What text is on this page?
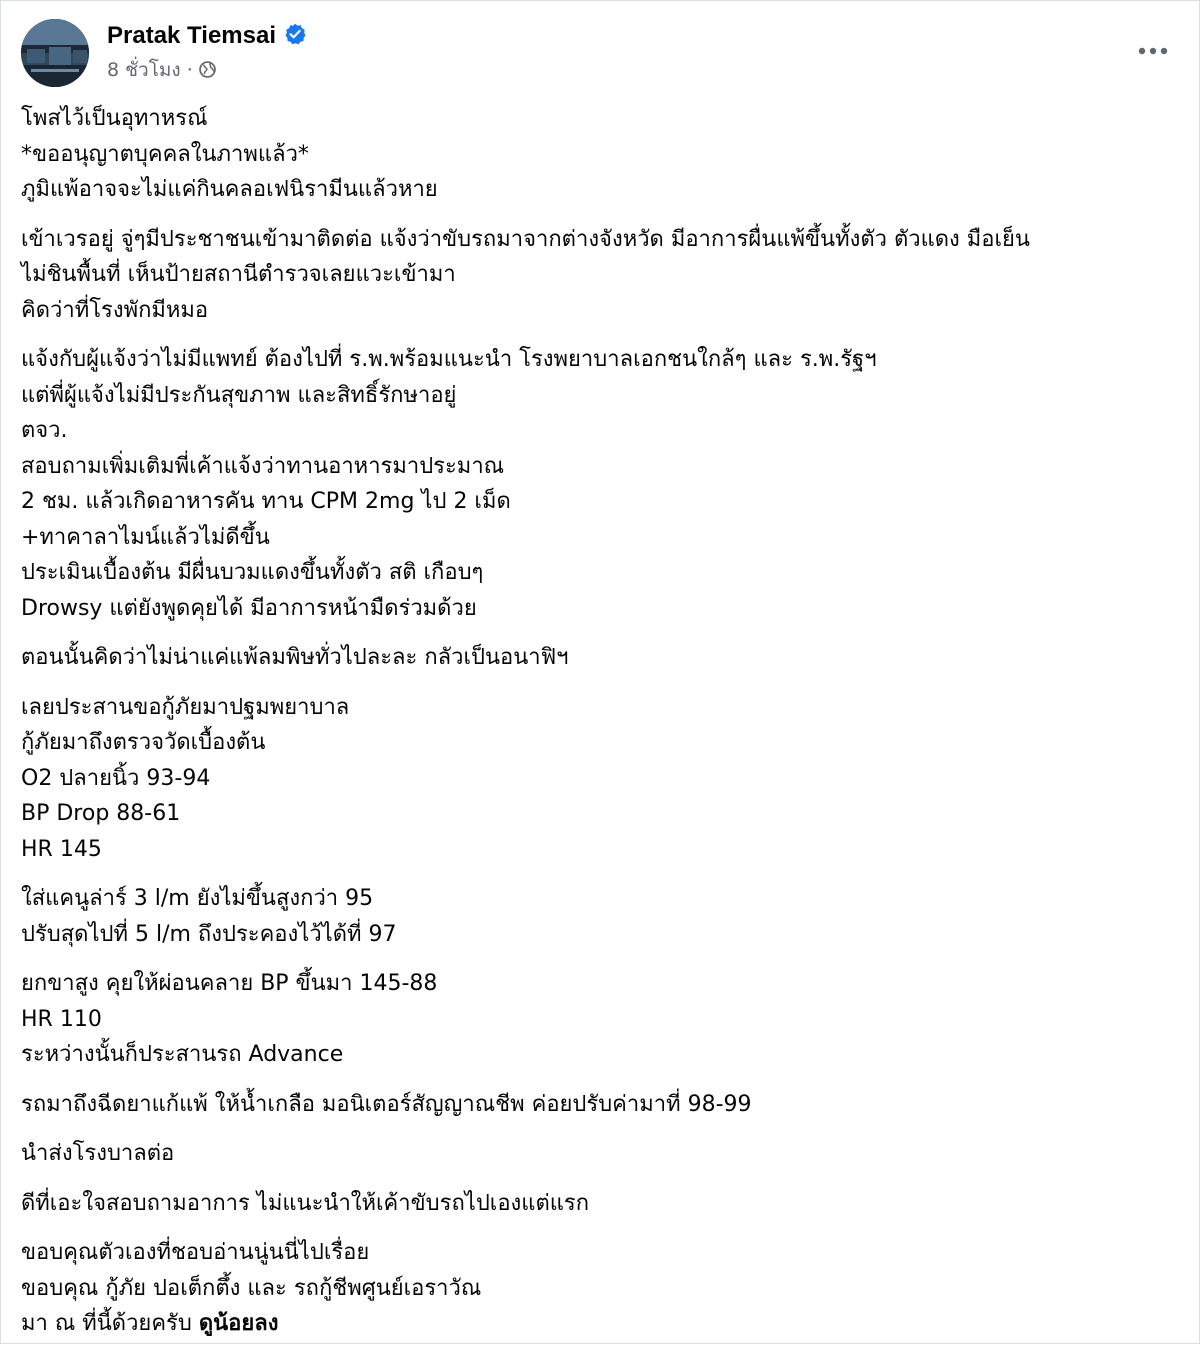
Pratak Tiemsai
8 ชั่วโมง ·
โพสไว้เป็นอุทาหรณ์
*ขออนุญาตบุคคลในภาพแล้ว*
ภูมิแพ้อาจจะไม่แค่กินคลอเฟนิรามีนแล้วหาย
เข้าเวรอยู่ จู่ๆมีประชาชนเข้ามาติดต่อ แจ้งว่าขับรถมาจากต่างจังหวัด มีอาการผื่นแพ้ขึ้นทั้งตัว ตัวแดง มือเย็น
ไม่ชินพื้นที่ เห็นป้ายสถานีตำรวจเลยแวะเข้ามา
คิดว่าที่โรงพักมีหมอ
แจ้งกับผู้แจ้งว่าไม่มีแพทย์ ต้องไปที่ ร.พ.พร้อมแนะนำ โรงพยาบาลเอกชนใกล้ๆ และ ร.พ.รัฐฯ
แต่พี่ผู้แจ้งไม่มีประกันสุขภาพ และสิทธิ์รักษาอยู่
ตจว.
สอบถามเพิ่มเติมพี่เค้าแจ้งว่าทานอาหารมาประมาณ
2 ชม. แล้วเกิดอาหารคัน ทาน CPM 2mg ไป 2 เม็ด
+ทาคาลาไมน์แล้วไม่ดีขึ้น
ประเมินเบื้องต้น มีผื่นบวมแดงขึ้นทั้งตัว สติ เกือบๆ
Drowsy แต่ยังพูดคุยได้ มีอาการหน้ามืดร่วมด้วย
ตอนนั้นคิดว่าไม่น่าแค่แพ้ลมพิษทั่วไปละละ กลัวเป็นอนาฟิฯ
เลยประสานขอกู้ภัยมาปฐมพยาบาล
กู้ภัยมาถึงตรวจวัดเบื้องต้น
O2 ปลายนิ้ว 93-94
BP Drop 88-61
HR 145
ใส่แคนูล่าร์ 3 l/m ยังไม่ขึ้นสูงกว่า 95
ปรับสุดไปที่ 5 l/m ถึงประคองไว้ได้ที่ 97
ยกขาสูง คุยให้ผ่อนคลาย BP ขึ้นมา 145-88
HR 110
ระหว่างนั้นก็ประสานรถ Advance
รถมาถึงฉีดยาแก้แพ้ ให้น้ำเกลือ มอนิเตอร์สัญญาณชีพ ค่อยปรับค่ามาที่ 98-99
นำส่งโรงบาลต่อ
ดีที่เอะใจสอบถามอาการ ไม่แนะนำให้เค้าขับรถไปเองแต่แรก
ขอบคุณตัวเองที่ชอบอ่านนู่นนี่ไปเรื่อย
ขอบคุณ กู้ภัย ปอเต็กตึ้ง และ รถกู้ชีพศูนย์เอราวัณ
มา ณ ที่นี้ด้วยครับ ดูน้อยลง
